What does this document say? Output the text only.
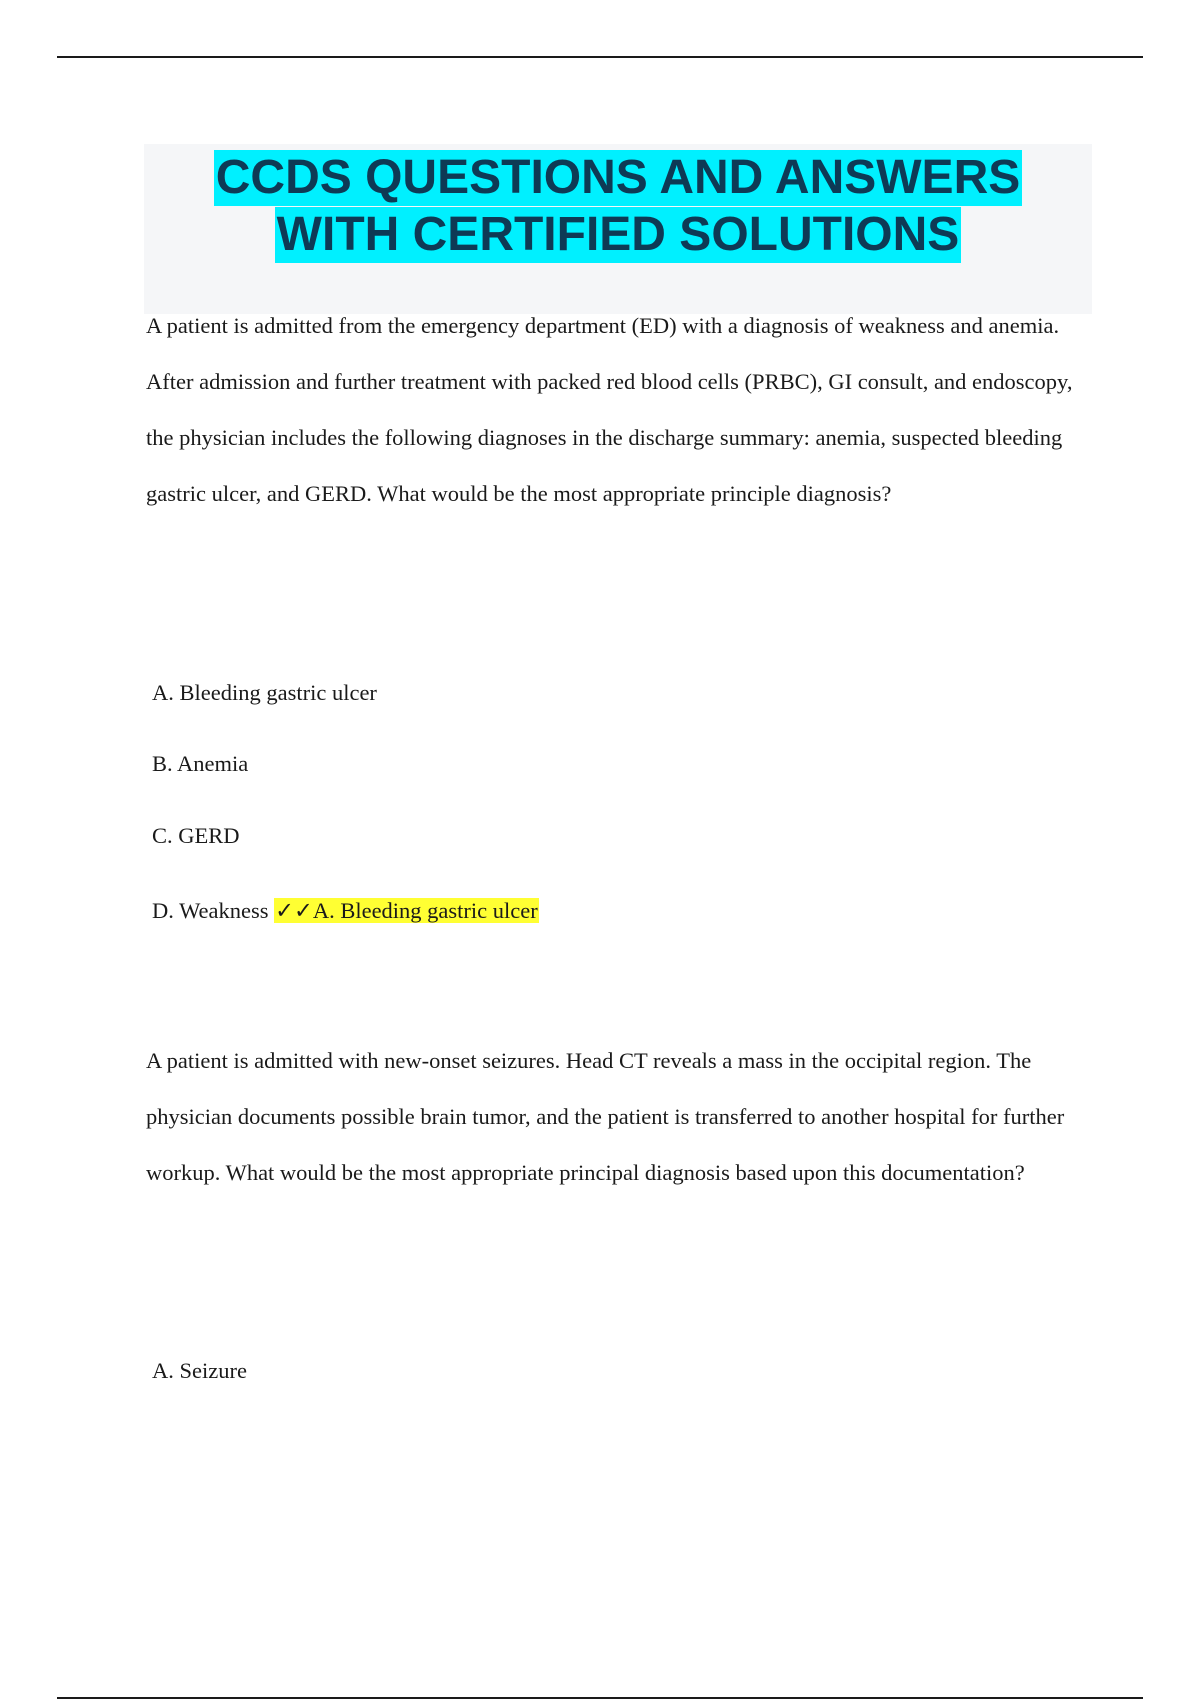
CCDS QUESTIONS AND ANSWERS
WITH CERTIFIED SOLUTIONS

A patient is admitted from the emergency department (ED) with a diagnosis of weakness and anemia. After admission and further treatment with packed red blood cells (PRBC), GI consult, and endoscopy, the physician includes the following diagnoses in the discharge summary: anemia, suspected bleeding gastric ulcer, and GERD. What would be the most appropriate principle diagnosis?

A. Bleeding gastric ulcer
B. Anemia
C. GERD
D. Weakness ✓✓A. Bleeding gastric ulcer

A patient is admitted with new-onset seizures. Head CT reveals a mass in the occipital region. The physician documents possible brain tumor, and the patient is transferred to another hospital for further workup. What would be the most appropriate principal diagnosis based upon this documentation?

A. Seizure
